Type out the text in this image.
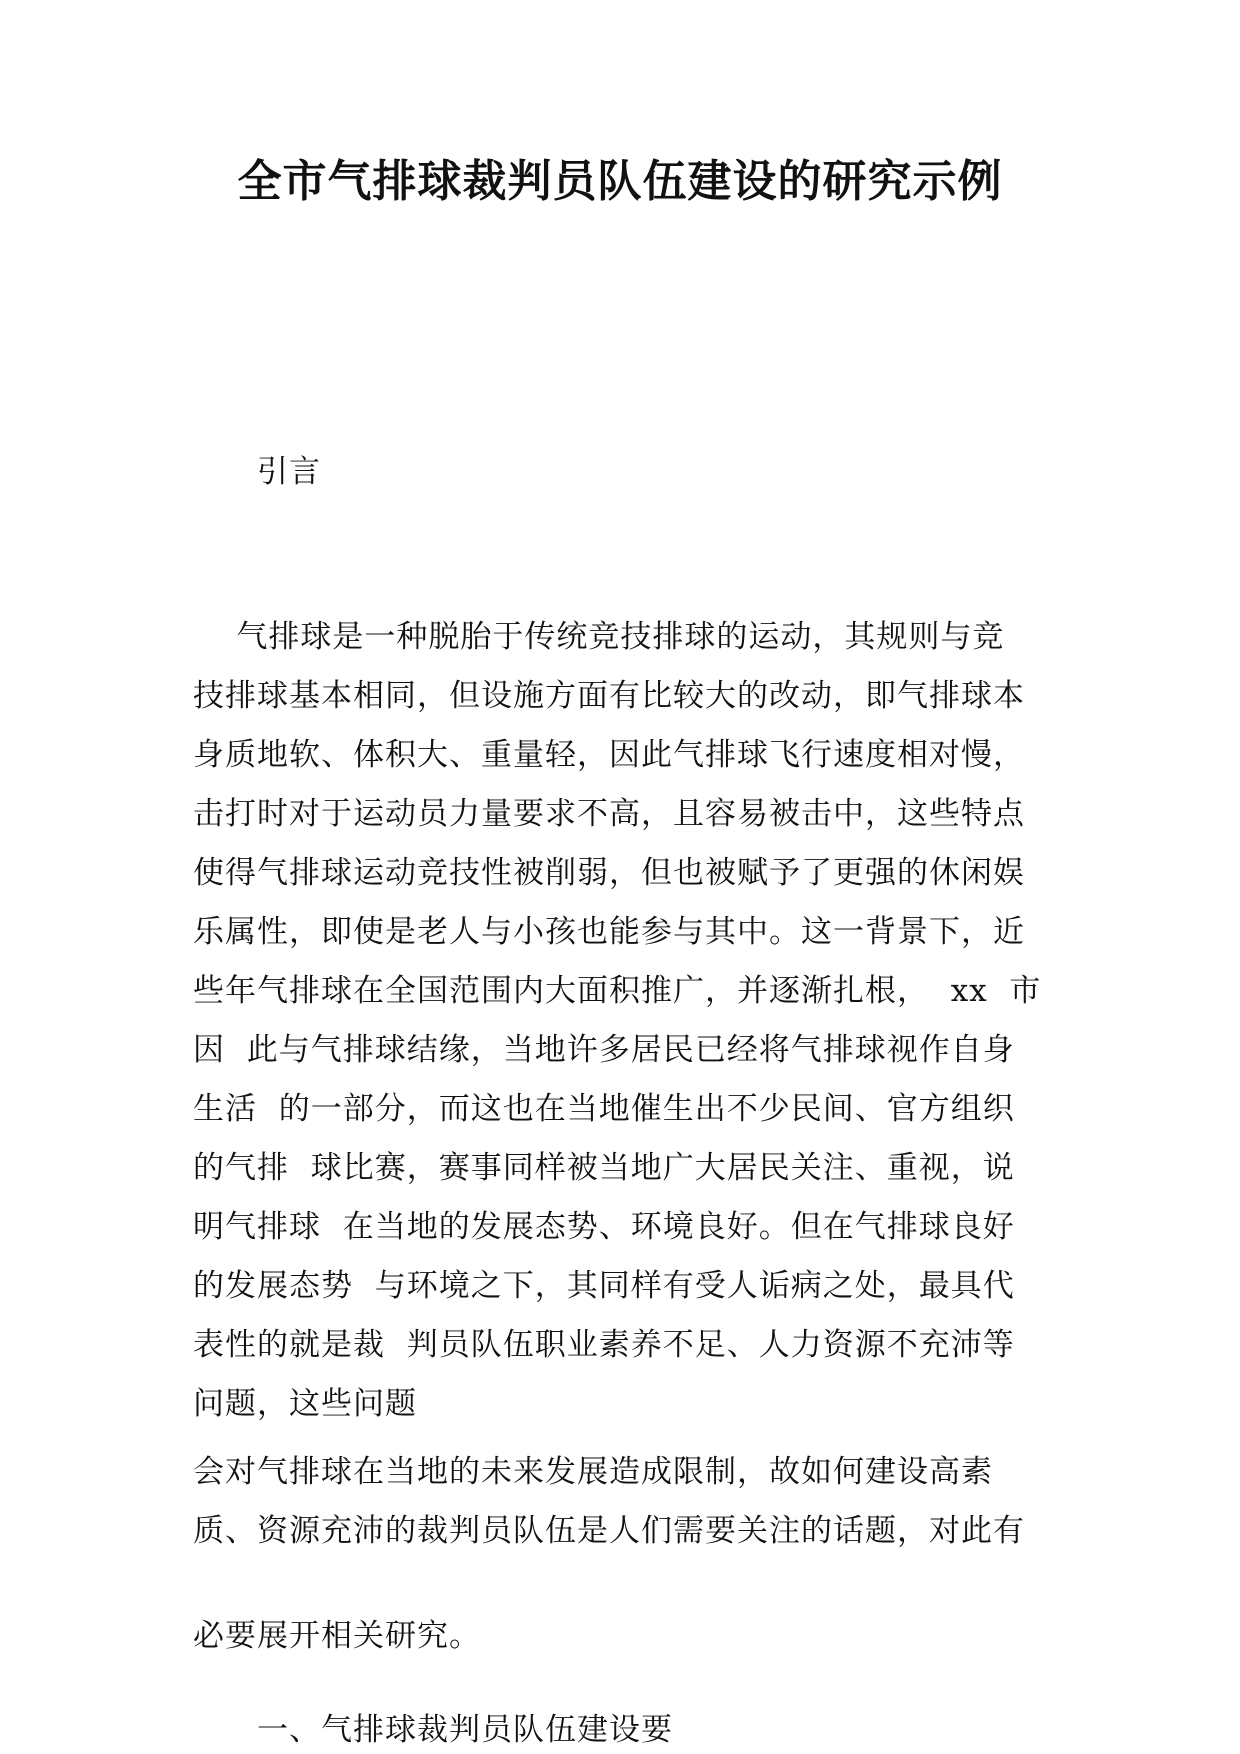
全市气排球裁判员队伍建设的研究示例
引言
气排球是一种脱胎于传统竞技排球的运动，其规则与竞
技排球基本相同，但设施方面有比较大的改动，即气排球本
身质地软、体积大、重量轻，因此气排球飞行速度相对慢，
击打时对于运动员力量要求不高，且容易被击中，这些特点
使得气排球运动竞技性被削弱，但也被赋予了更强的休闲娱
乐属性，即使是老人与小孩也能参与其中。这一背景下，近
些年气排球在全国范围内大面积推广，并逐渐扎根，  xx  市
因  此与气排球结缘，当地许多居民已经将气排球视作自身
生活  的一部分，而这也在当地催生出不少民间、官方组织
的气排  球比赛，赛事同样被当地广大居民关注、重视，说
明气排球  在当地的发展态势、环境良好。但在气排球良好
的发展态势  与环境之下，其同样有受人诟病之处，最具代
表性的就是裁  判员队伍职业素养不足、人力资源不充沛等
问题，这些问题
会对气排球在当地的未来发展造成限制，故如何建设高素
质、资源充沛的裁判员队伍是人们需要关注的话题，对此有
必要展开相关研究。
一、气排球裁判员队伍建设要
